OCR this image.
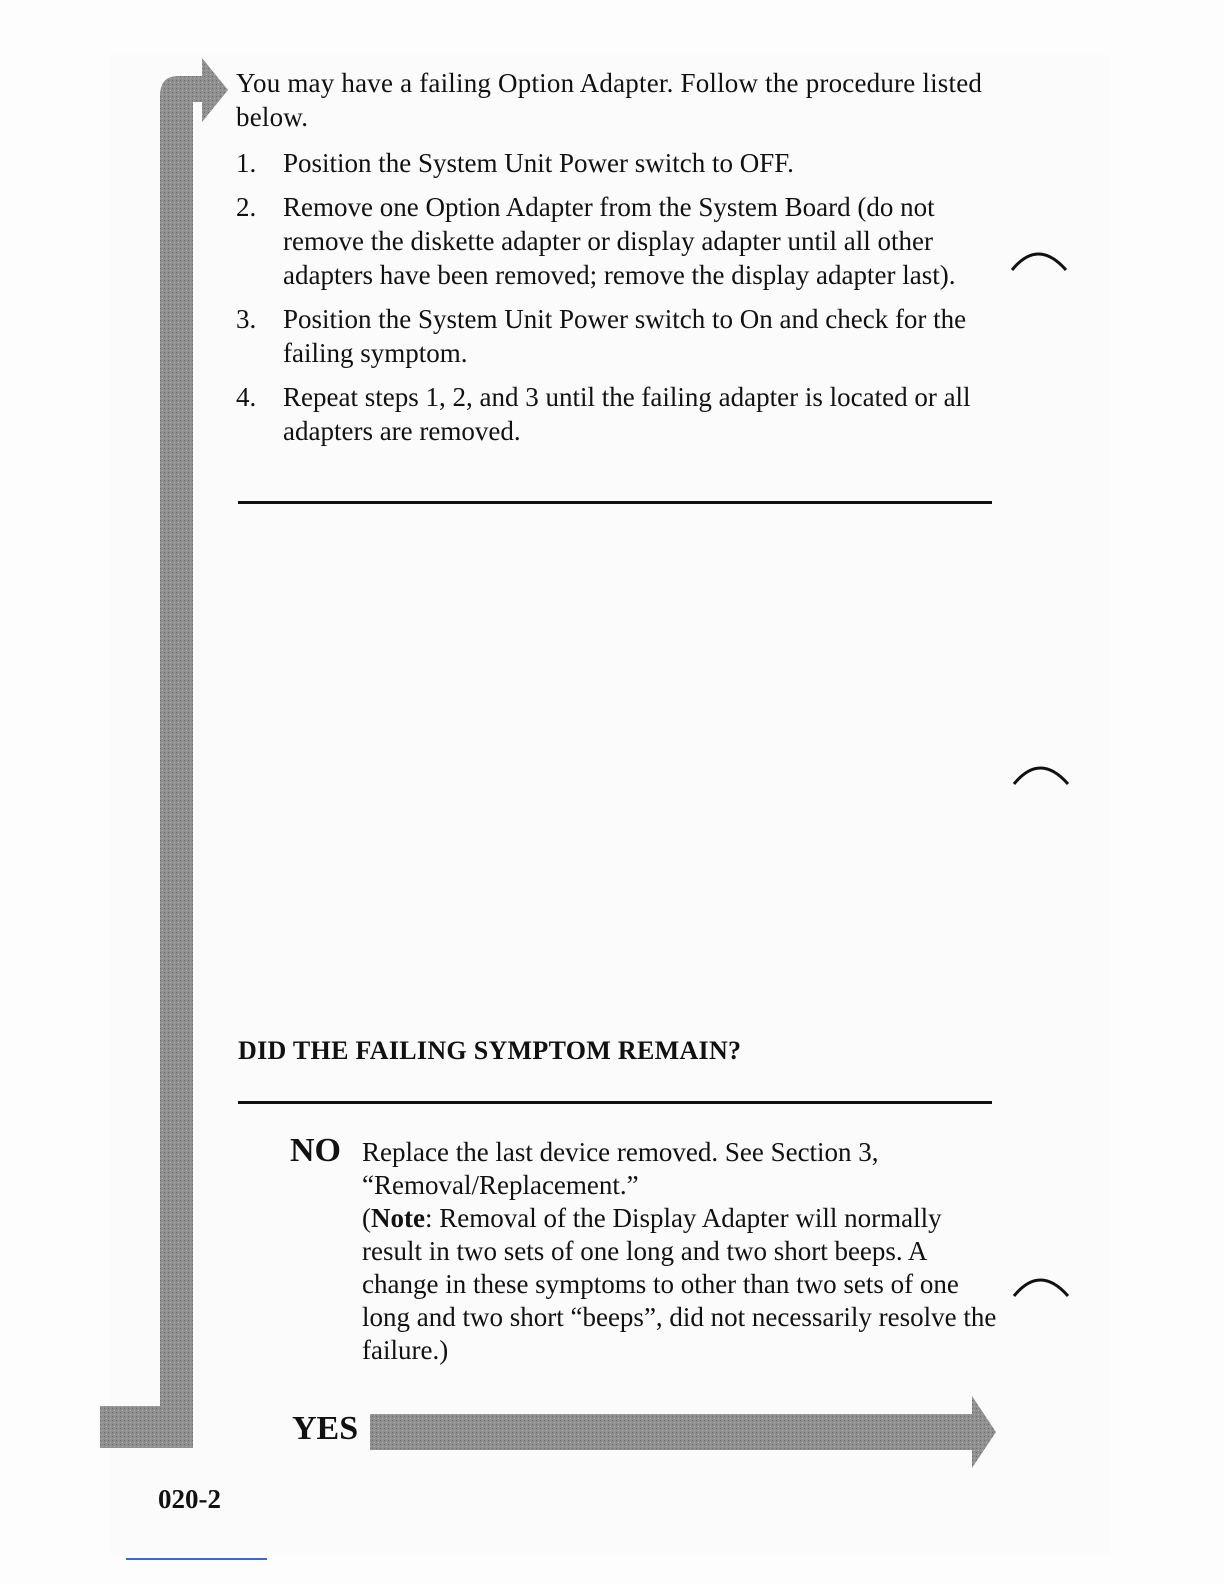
You may have a failing Option Adapter. Follow the procedure listed below.
1. Position the System Unit Power switch to OFF.
2. Remove one Option Adapter from the System Board (do not remove the diskette adapter or display adapter until all other adapters have been removed; remove the display adapter last).
3. Position the System Unit Power switch to On and check for the failing symptom.
4. Repeat steps 1, 2, and 3 until the failing adapter is located or all adapters are removed.
DID THE FAILING SYMPTOM REMAIN?
NO Replace the last device removed. See Section 3, “Removal/Replacement.”

(Note: Removal of the Display Adapter will normally result in two sets of one long and two short beeps. A change in these symptoms to other than two sets of one long and two short “beeps”, did not necessarily resolve the failure.)

YES
020-2
